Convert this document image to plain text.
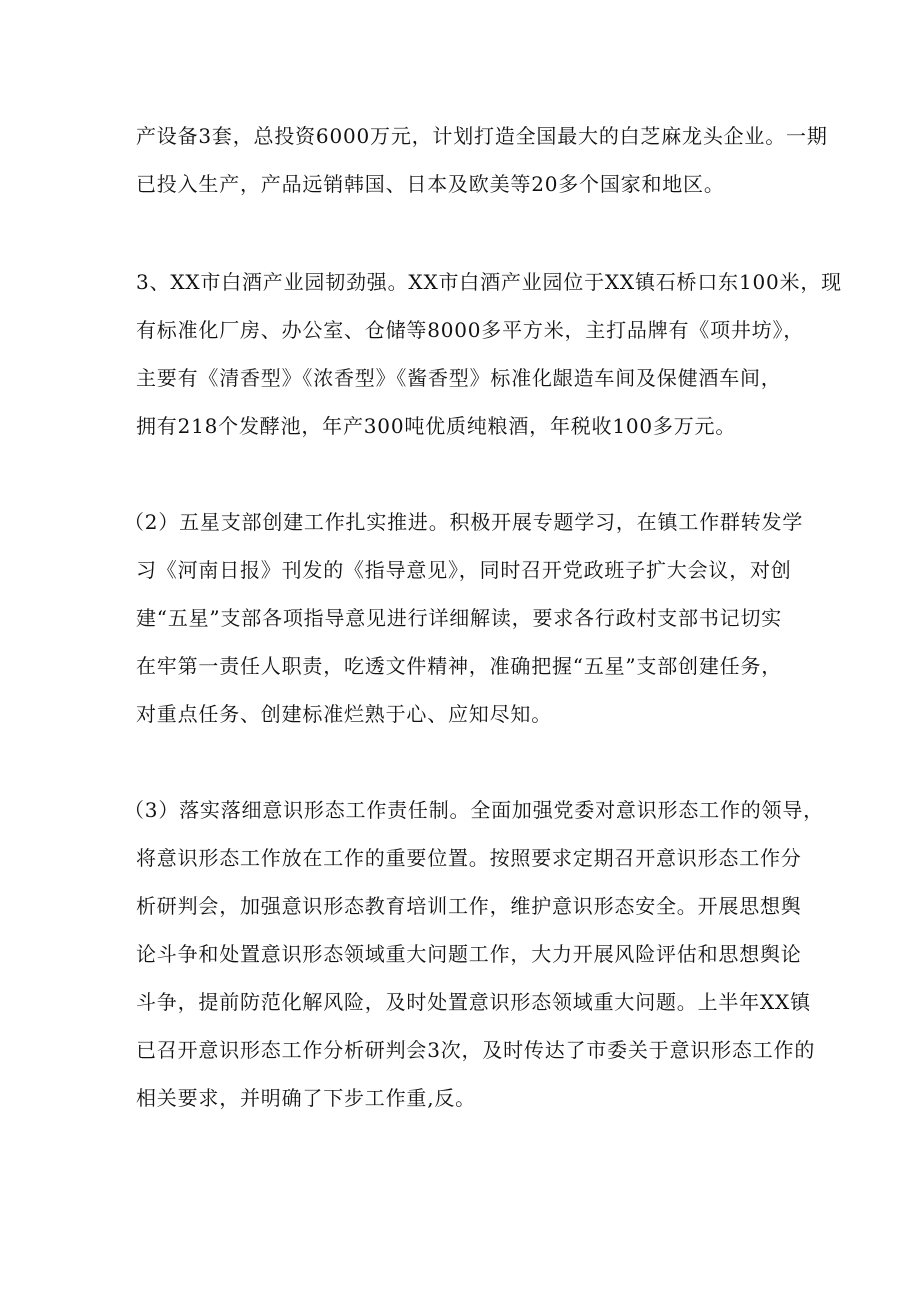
产设备3套，总投资6000万元，计划打造全国最大的白芝麻龙头企业。一期
已投入生产，产品远销韩国、日本及欧美等20多个国家和地区。
3、XX市白酒产业园韧劲强。XX市白酒产业园位于XX镇石桥口东100米，现
有标准化厂房、办公室、仓储等8000多平方米，主打品牌有《项井坊》，
主要有《清香型》《浓香型》《酱香型》标准化龈造车间及保健酒车间，
拥有218个发酵池，年产300吨优质纯粮酒，年税收100多万元。
（2）五星支部创建工作扎实推进。积极开展专题学习，在镇工作群转发学
习《河南日报》刊发的《指导意见》，同时召开党政班子扩大会议，对创
建“五星”支部各项指导意见进行详细解读，要求各行政村支部书记切实
在牢第一责任人职责，吃透文件精神，准确把握“五星”支部创建任务，
对重点任务、创建标准烂熟于心、应知尽知。
（3）落实落细意识形态工作责任制。全面加强党委对意识形态工作的领导，
将意识形态工作放在工作的重要位置。按照要求定期召开意识形态工作分
析研判会，加强意识形态教育培训工作，维护意识形态安全。开展思想舆
论斗争和处置意识形态领域重大问题工作，大力开展风险评估和思想舆论
斗争，提前防范化解风险，及时处置意识形态领域重大问题。上半年XX镇
已召开意识形态工作分析研判会3次，及时传达了市委关于意识形态工作的
相关要求，并明确了下步工作重,反。
